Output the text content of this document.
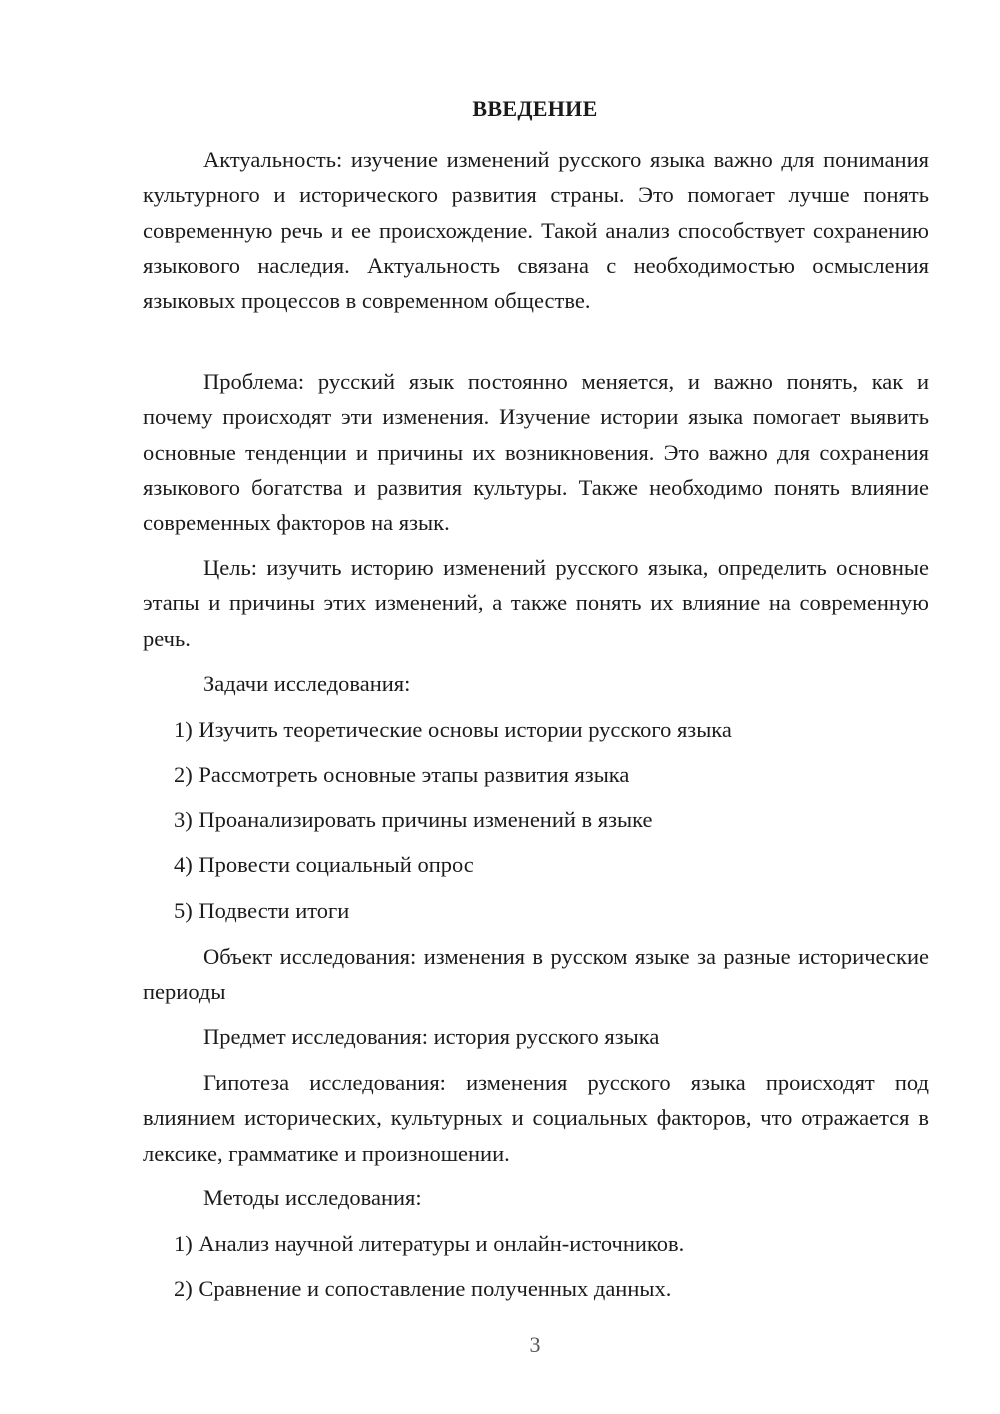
ВВЕДЕНИЕ

Актуальность: изучение изменений русского языка важно для понимания культурного и исторического развития страны. Это помогает лучше понять современную речь и ее происхождение. Такой анализ способствует сохранению языкового наследия. Актуальность связана с необходимостью осмысления языковых процессов в современном обществе.

Проблема: русский язык постоянно меняется, и важно понять, как и почему происходят эти изменения. Изучение истории языка помогает выявить основные тенденции и причины их возникновения. Это важно для сохранения языкового богатства и развития культуры. Также необходимо понять влияние современных факторов на язык.

Цель: изучить историю изменений русского языка, определить основные этапы и причины этих изменений, а также понять их влияние на современную речь.

Задачи исследования:

1) Изучить теоретические основы истории русского языка

2) Рассмотреть основные этапы развития языка

3) Проанализировать причины изменений в языке

4) Провести социальный опрос

5) Подвести итоги

Объект исследования: изменения в русском языке за разные исторические периоды

Предмет исследования: история русского языка

Гипотеза исследования: изменения русского языка происходят под влиянием исторических, культурных и социальных факторов, что отражается в лексике, грамматике и произношении.

Методы исследования:

1) Анализ научной литературы и онлайн-источников.

2) Сравнение и сопоставление полученных данных.

3
